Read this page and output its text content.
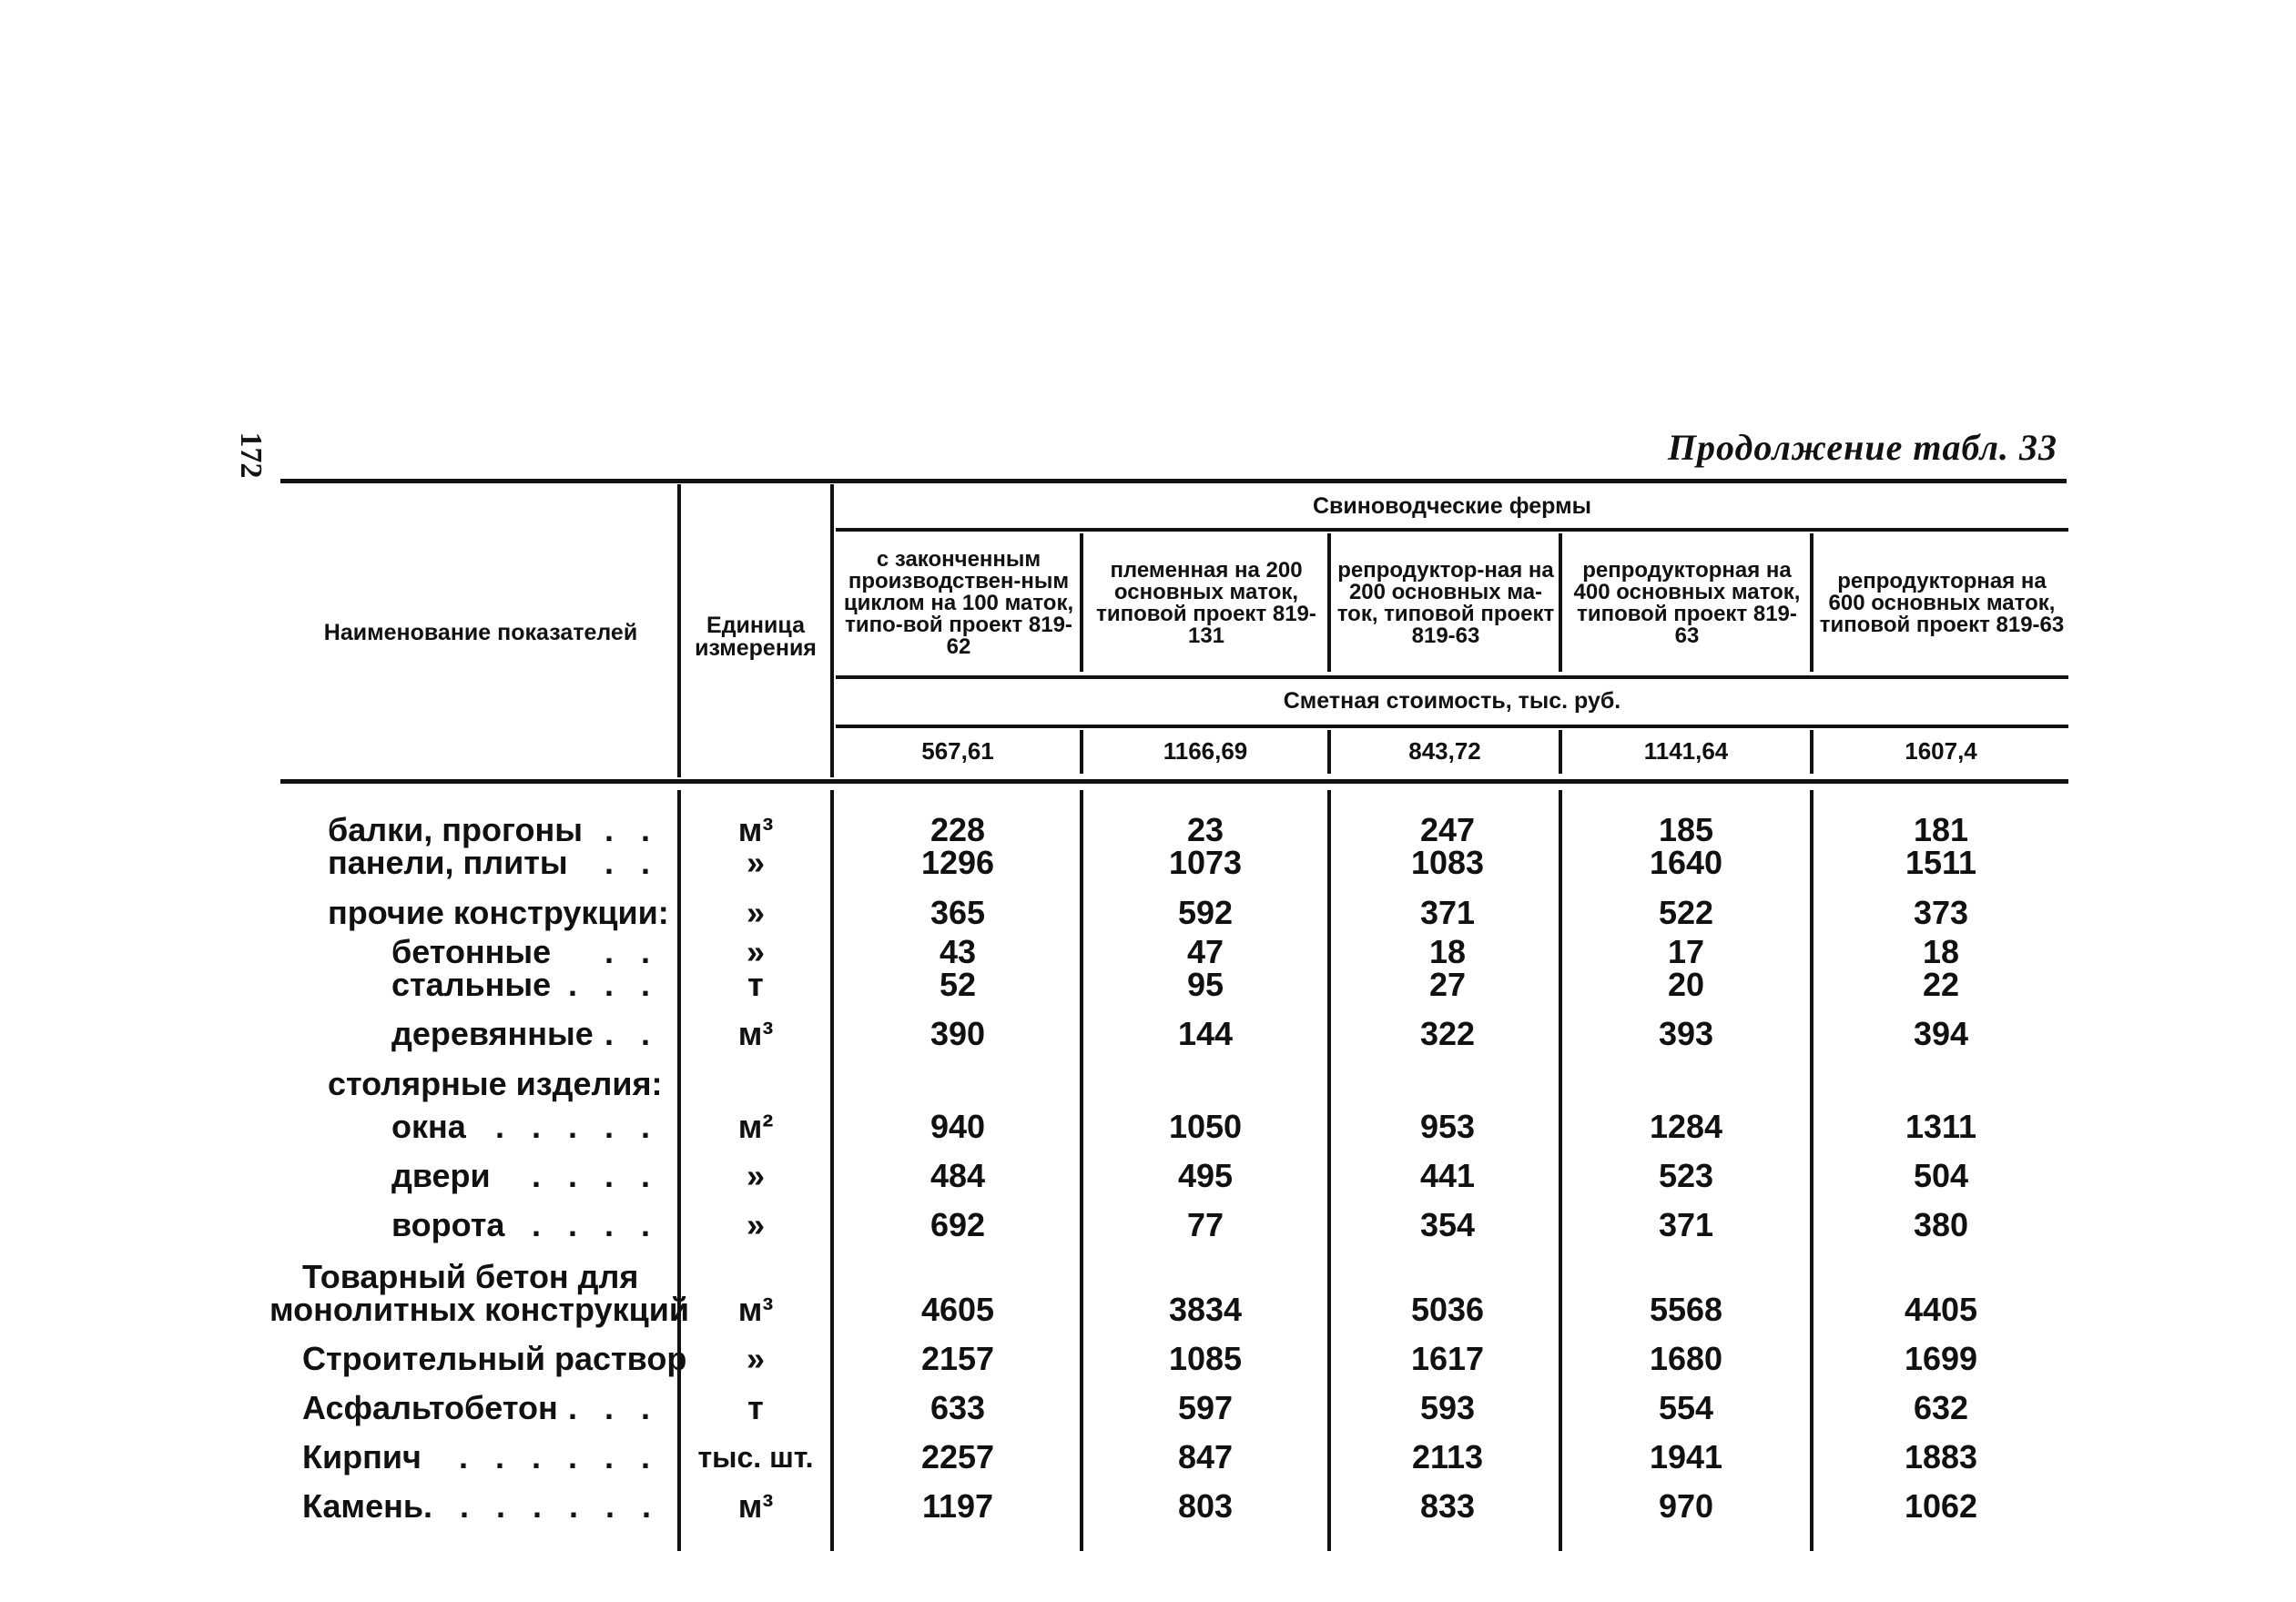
172	Продолжение табл. 33
Наименование показателей	Единица измерения
Свиноводческие фермы
с законченным производствен-ным циклом на 100 маток, типо-вой проект 819-62
племенная на 200 основных маток, типовой проект 819-131
репродуктор-ная на 200 основных ма-ток, типовой проект 819-63
репродукторная на 400 основных маток, типовой проект 819-63
репродукторная на 600 основных маток, типовой проект 819-63
Сметная стоимость, тыс. руб.
567,61	1166,69	843,72	1141,64	1607,4
балки, прогоны . .	м³	228	23	247	185	181
панели, плиты . .	»	1296	1073	1083	1640	1511
прочие конструкции:	»	365	592	371	522	373
бетонные . .	»	43	47	18	17	18
стальные . . .	т	52	95	27	20	22
деревянные . .	м³	390	144	322	393	394
столярные изделия:
окна . . . . .	м²	940	1050	953	1284	1311
двери . . . .	»	484	495	441	523	504
ворота . . . .	»	692	77	354	371	380
Товарный бетон для
монолитных конструкций	м³	4605	3834	5036	5568	4405
Строительный раствор	»	2157	1085	1617	1680	1699
Асфальтобетон . . .	т	633	597	593	554	632
Кирпич . . . . . .	тыс. шт.	2257	847	2113	1941	1883
Камень . . . . . . .	м³	1197	803	833	970	1062
